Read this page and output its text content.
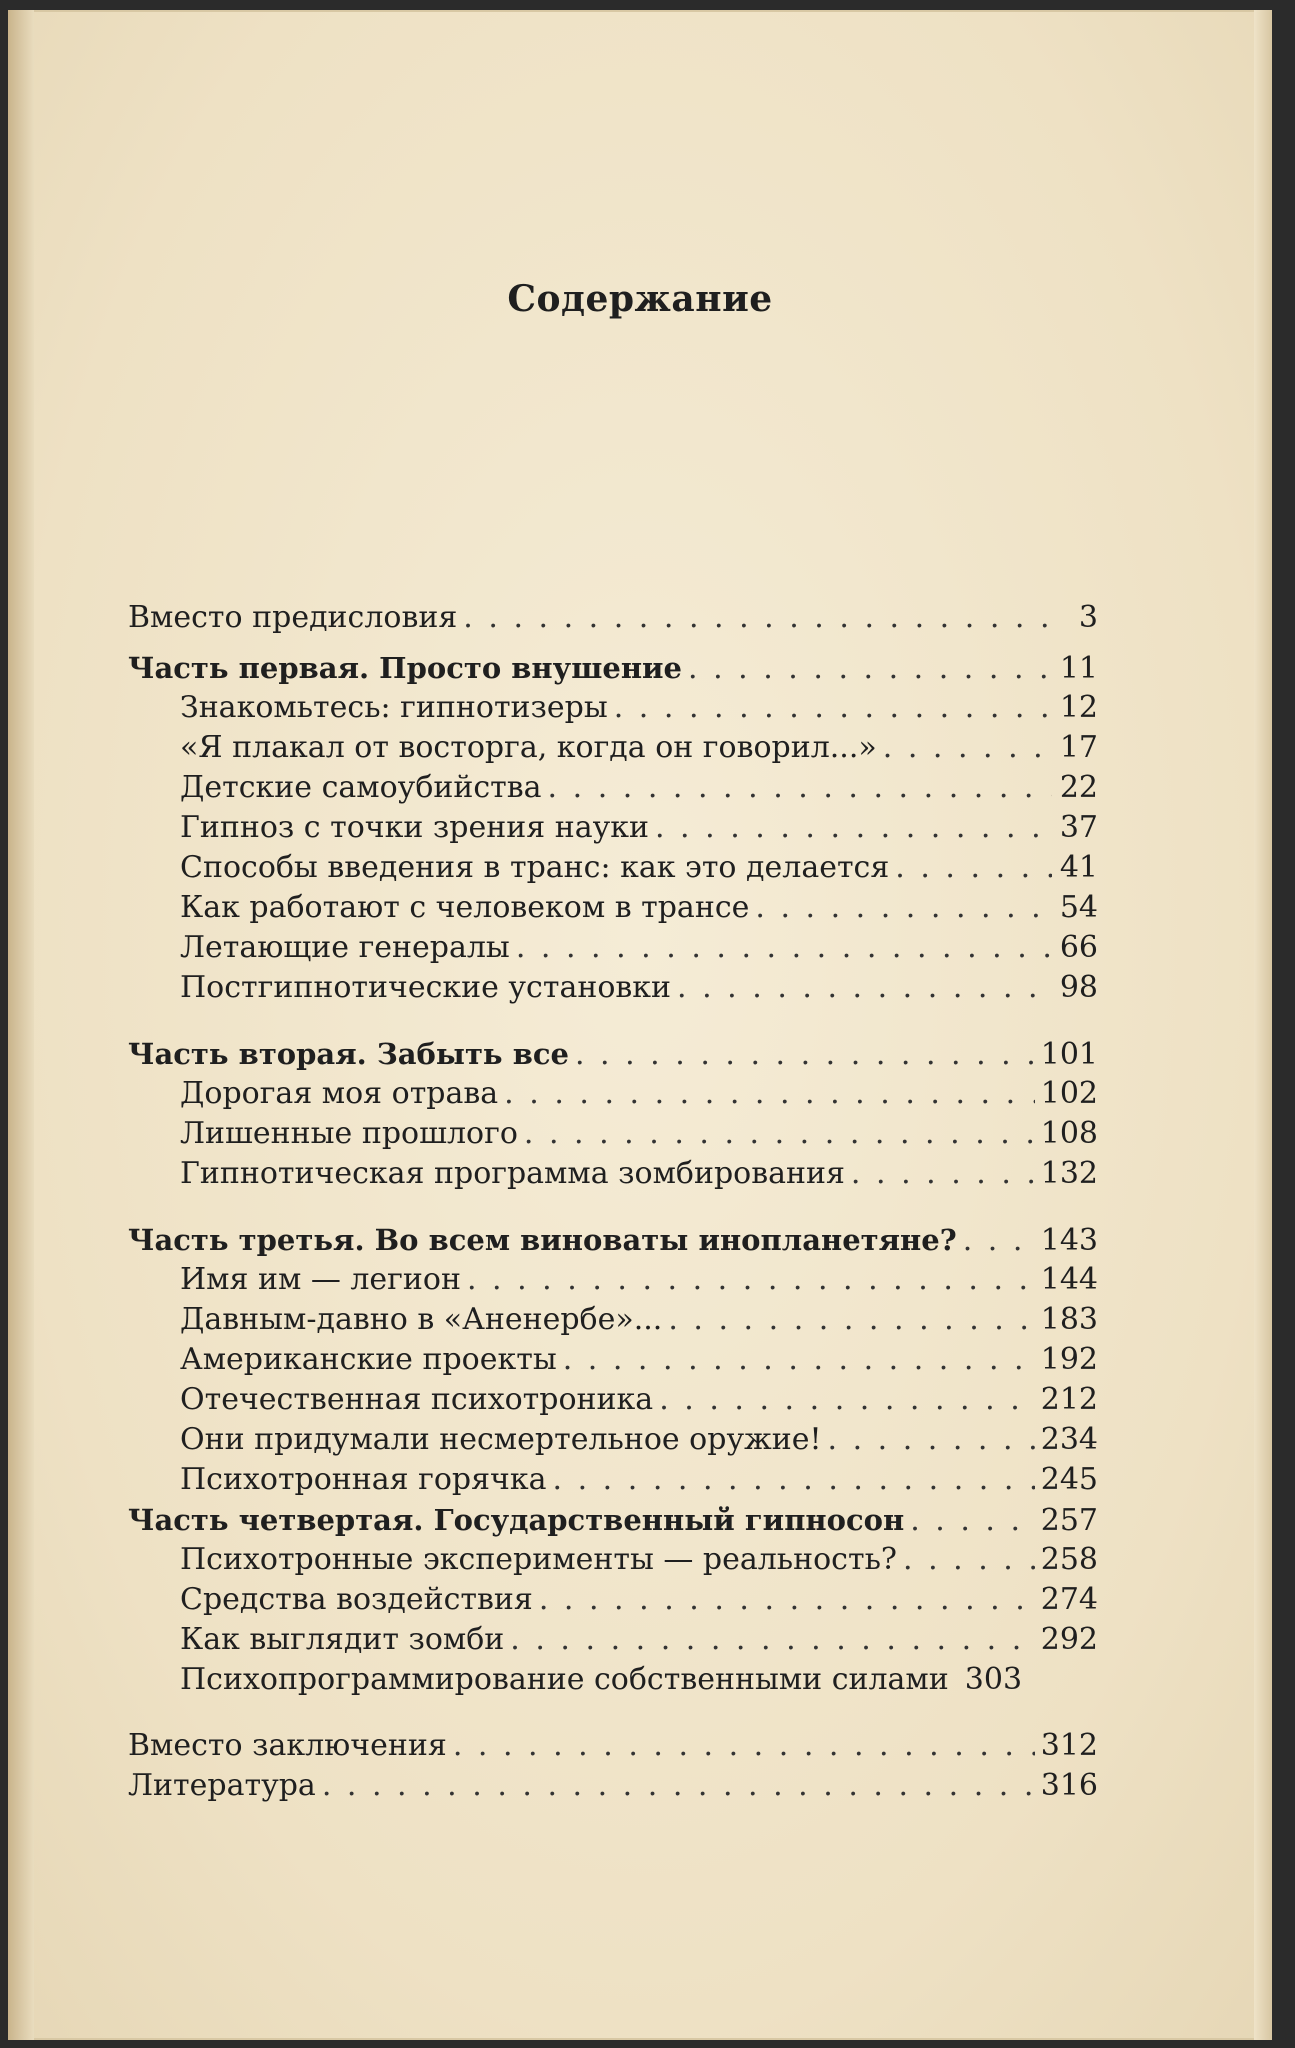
Содержание
Вместо предисловия . . .	3
Часть первая. Просто внушение . . .	11
Знакомьтесь: гипнотизеры . . .	12
«Я плакал от восторга, когда он говорил...» . . .	17
Детские самоубийства . . .	22
Гипноз с точки зрения науки . . .	37
Способы введения в транс: как это делается . . .	41
Как работают с человеком в трансе . . .	54
Летающие генералы . . .	66
Постгипнотические установки . . .	98
Часть вторая. Забыть все . . .	101
Дорогая моя отрава . . .	102
Лишенные прошлого . . .	108
Гипнотическая программа зомбирования . . .	132
Часть третья. Во всем виноваты инопланетяне? . . .	143
Имя им — легион . . .	144
Давным-давно в «Аненербе»... . . .	183
Американские проекты . . .	192
Отечественная психотроника . . .	212
Они придумали несмертельное оружие! . . .	234
Психотронная горячка . . .	245
Часть четвертая. Государственный гипносон . . .	257
Психотронные эксперименты — реальность? . . .	258
Средства воздействия . . .	274
Как выглядит зомби . . .	292
Психопрограммирование собственными силами 303
Вместо заключения . . .	312
Литература . . .	316
